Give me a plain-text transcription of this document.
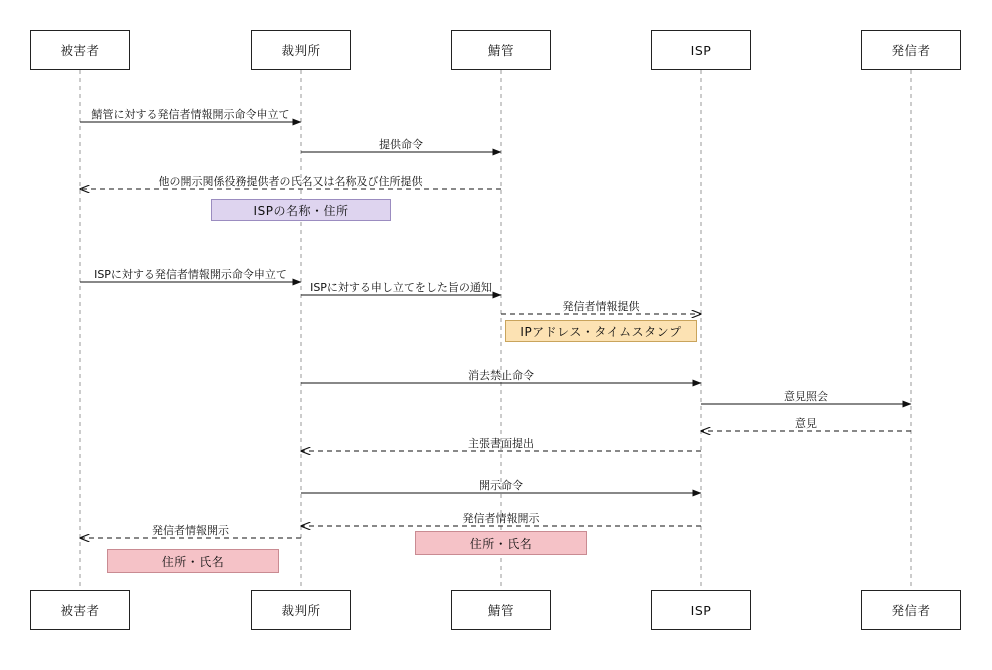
被害者
被害者
裁判所
裁判所
鯖管
鯖管
ISP
ISP
発信者
発信者
鯖管に対する発信者情報開示命令申立て
提供命令
他の開示関係役務提供者の氏名又は名称及び住所提供
ISPに対する発信者情報開示命令申立て
ISPに対する申し立てをした旨の通知
発信者情報提供
消去禁止命令
意見照会
意見
主張書面提出
開示命令
発信者情報開示
発信者情報開示
ISPの名称・住所
IPアドレス・タイムスタンプ
住所・氏名
住所・氏名
